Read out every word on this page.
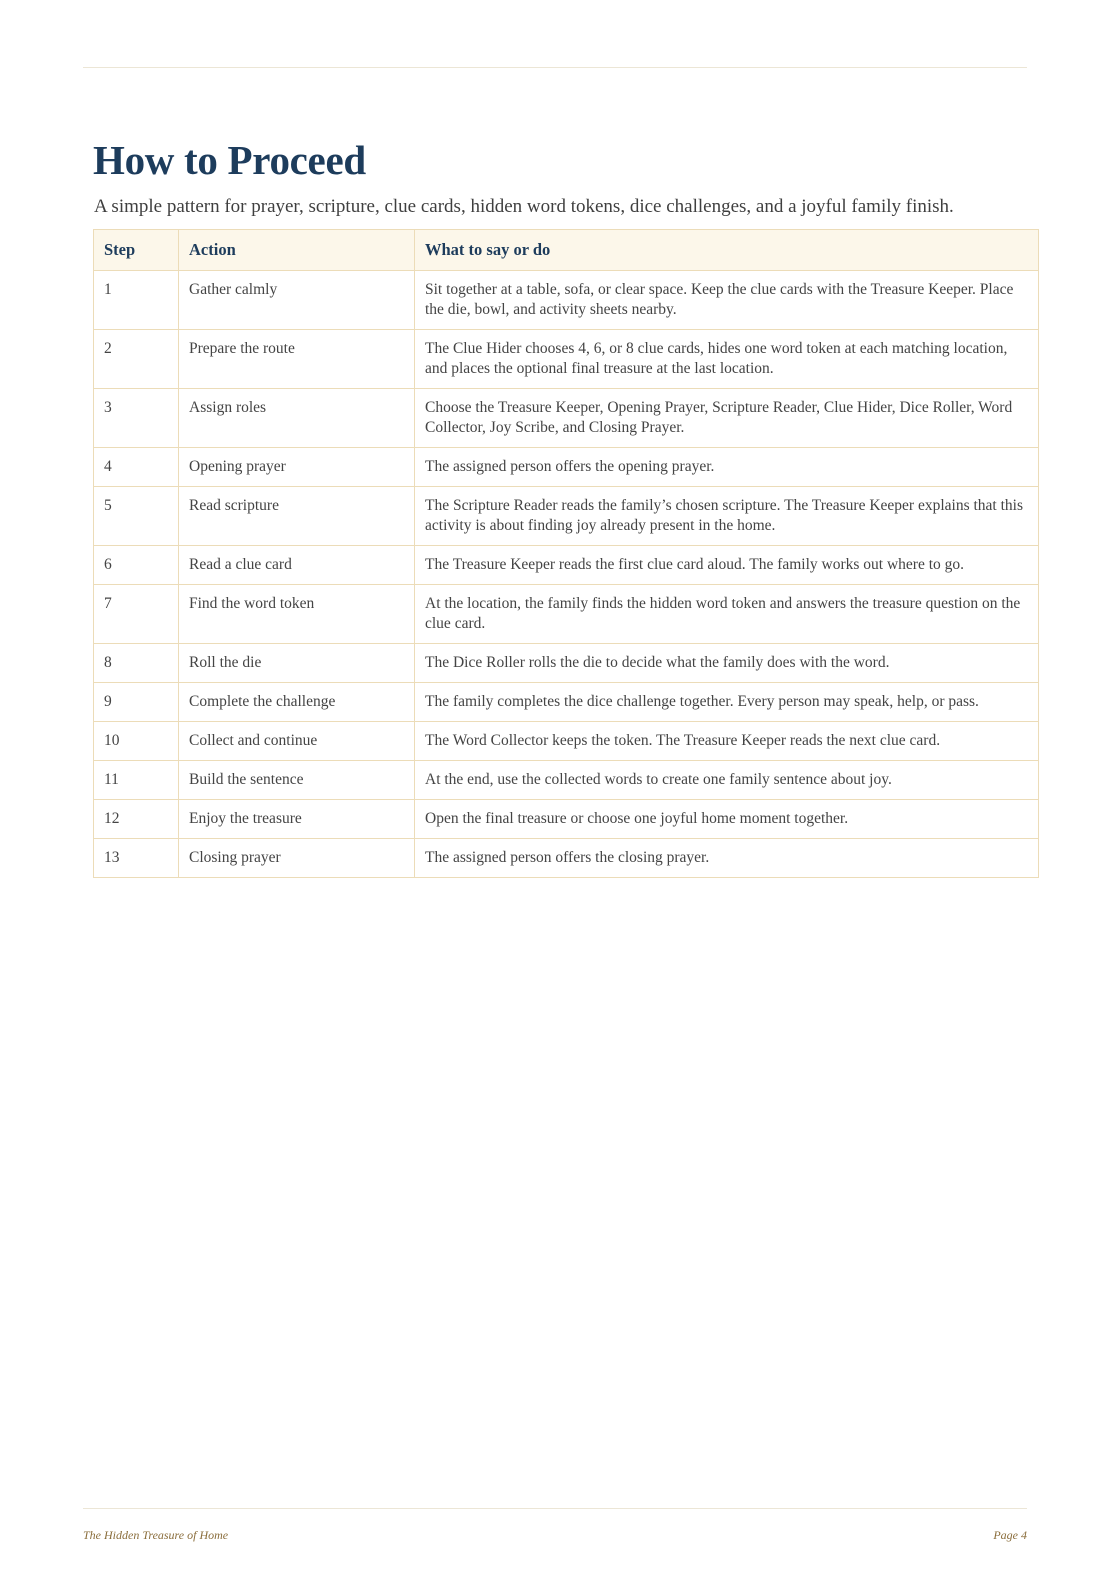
How to Proceed

A simple pattern for prayer, scripture, clue cards, hidden word tokens, dice challenges, and a joyful family finish.

Step	Action	What to say or do
1	Gather calmly	Sit together at a table, sofa, or clear space. Keep the clue cards with the Treasure Keeper. Place the die, bowl, and activity sheets nearby.
2	Prepare the route	The Clue Hider chooses 4, 6, or 8 clue cards, hides one word token at each matching location, and places the optional final treasure at the last location.
3	Assign roles	Choose the Treasure Keeper, Opening Prayer, Scripture Reader, Clue Hider, Dice Roller, Word Collector, Joy Scribe, and Closing Prayer.
4	Opening prayer	The assigned person offers the opening prayer.
5	Read scripture	The Scripture Reader reads the family’s chosen scripture. The Treasure Keeper explains that this activity is about finding joy already present in the home.
6	Read a clue card	The Treasure Keeper reads the first clue card aloud. The family works out where to go.
7	Find the word token	At the location, the family finds the hidden word token and answers the treasure question on the clue card.
8	Roll the die	The Dice Roller rolls the die to decide what the family does with the word.
9	Complete the challenge	The family completes the dice challenge together. Every person may speak, help, or pass.
10	Collect and continue	The Word Collector keeps the token. The Treasure Keeper reads the next clue card.
11	Build the sentence	At the end, use the collected words to create one family sentence about joy.
12	Enjoy the treasure	Open the final treasure or choose one joyful home moment together.
13	Closing prayer	The assigned person offers the closing prayer.
The Hidden Treasure of Home	Page 4
